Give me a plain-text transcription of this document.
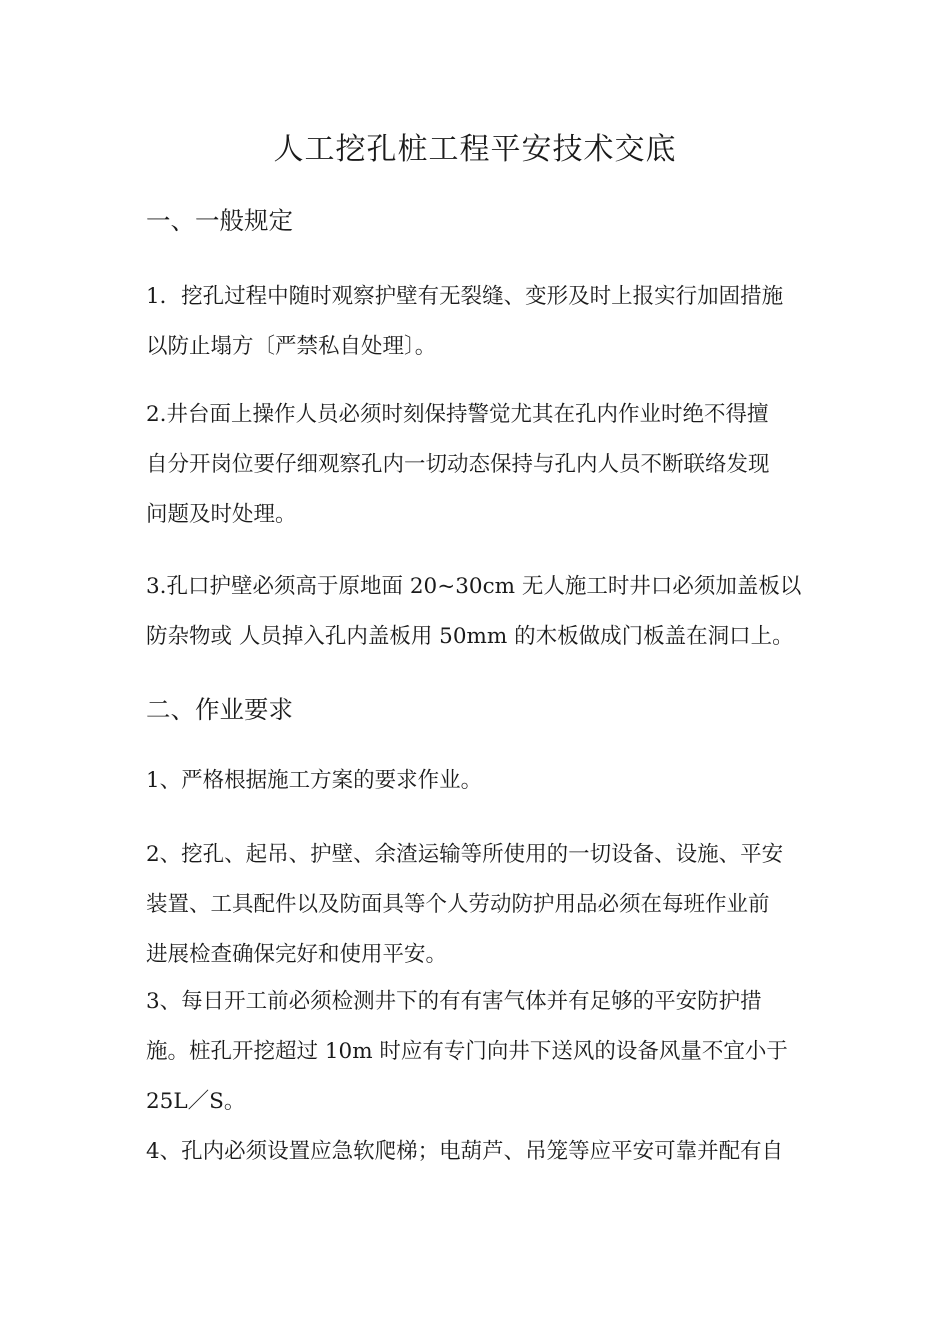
人工挖孔桩工程平安技术交底
一、一般规定
1．挖孔过程中随时观察护壁有无裂缝、变形及时上报实行加固措施
以防止塌方〔严禁私自处理〕。
2.井台面上操作人员必须时刻保持警觉尤其在孔内作业时绝不得擅
自分开岗位要仔细观察孔内一切动态保持与孔内人员不断联络发现
问题及时处理。
3.孔口护壁必须高于原地面 20~30cm 无人施工时井口必须加盖板以
防杂物或 人员掉入孔内盖板用 50mm 的木板做成门板盖在洞口上。
二、作业要求
1、严格根据施工方案的要求作业。
2、挖孔、起吊、护壁、余渣运输等所使用的一切设备、设施、平安
装置、工具配件以及防面具等个人劳动防护用品必须在每班作业前
进展检查确保完好和使用平安。
3、每日开工前必须检测井下的有有害气体并有足够的平安防护措
施。桩孔开挖超过 10m 时应有专门向井下送风的设备风量不宜小于
25L／S。
4、孔内必须设置应急软爬梯；电葫芦、吊笼等应平安可靠并配有自
